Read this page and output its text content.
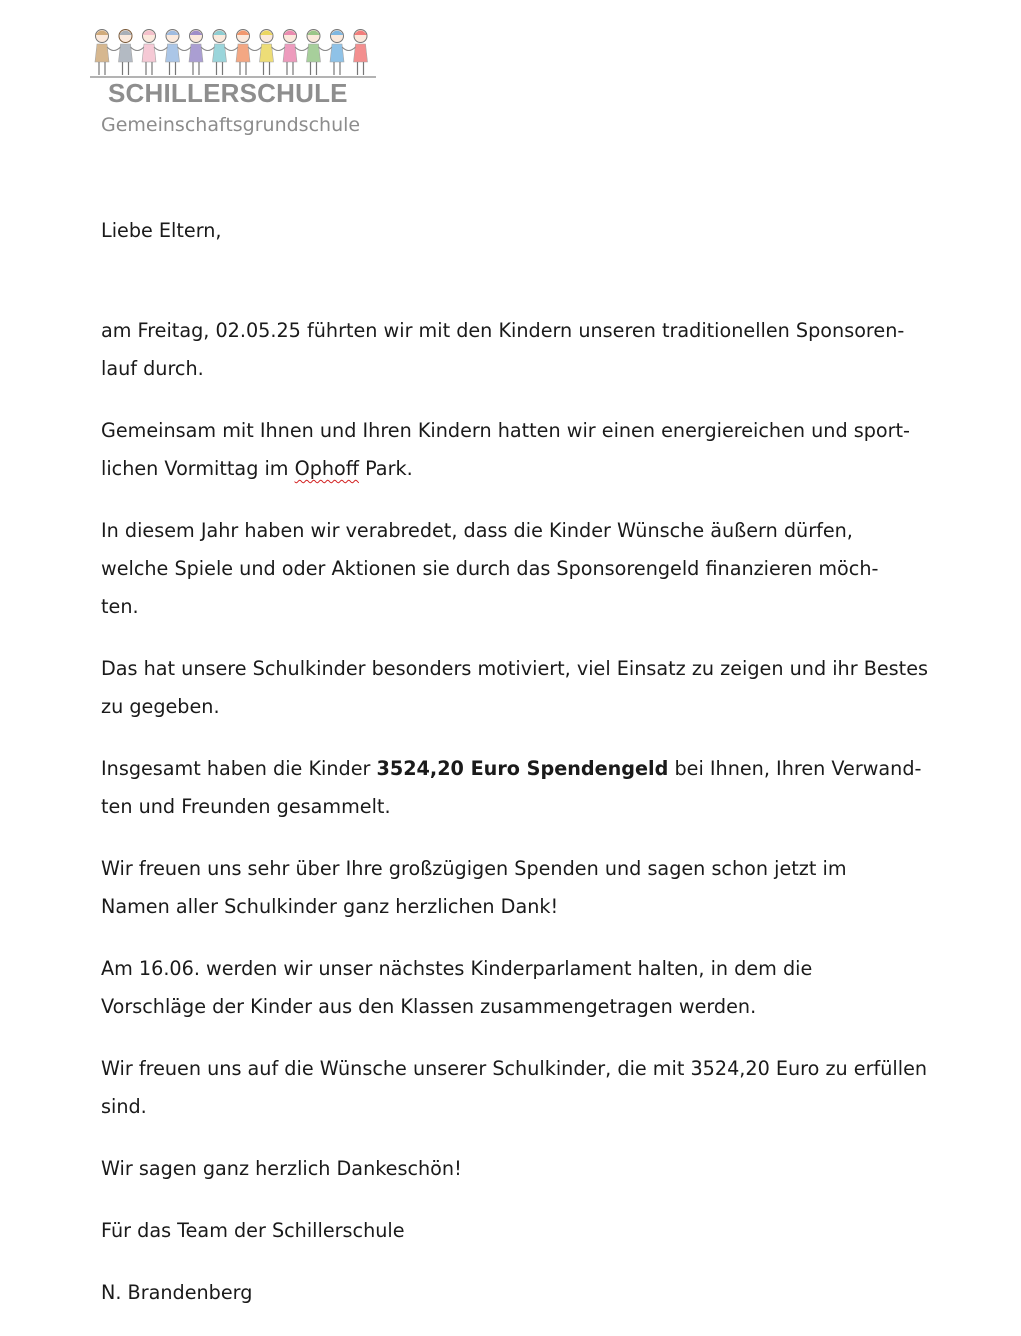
SCHILLERSCHULE
Gemeinschaftsgrundschule

Liebe Eltern,

am Freitag, 02.05.25 führten wir mit den Kindern unseren traditionellen Sponsoren-
lauf durch.

Gemeinsam mit Ihnen und Ihren Kindern hatten wir einen energiereichen und sport-
lichen Vormittag im Ophoff Park.

In diesem Jahr haben wir verabredet, dass die Kinder Wünsche äußern dürfen,
welche Spiele und oder Aktionen sie durch das Sponsorengeld finanzieren möch-
ten.

Das hat unsere Schulkinder besonders motiviert, viel Einsatz zu zeigen und ihr Bestes
zu gegeben.

Insgesamt haben die Kinder 3524,20 Euro Spendengeld bei Ihnen, Ihren Verwand-
ten und Freunden gesammelt.

Wir freuen uns sehr über Ihre großzügigen Spenden und sagen schon jetzt im
Namen aller Schulkinder ganz herzlichen Dank!

Am 16.06. werden wir unser nächstes Kinderparlament halten, in dem die
Vorschläge der Kinder aus den Klassen zusammengetragen werden.

Wir freuen uns auf die Wünsche unserer Schulkinder, die mit 3524,20 Euro zu erfüllen
sind.

Wir sagen ganz herzlich Dankeschön!

Für das Team der Schillerschule

N. Brandenberg
